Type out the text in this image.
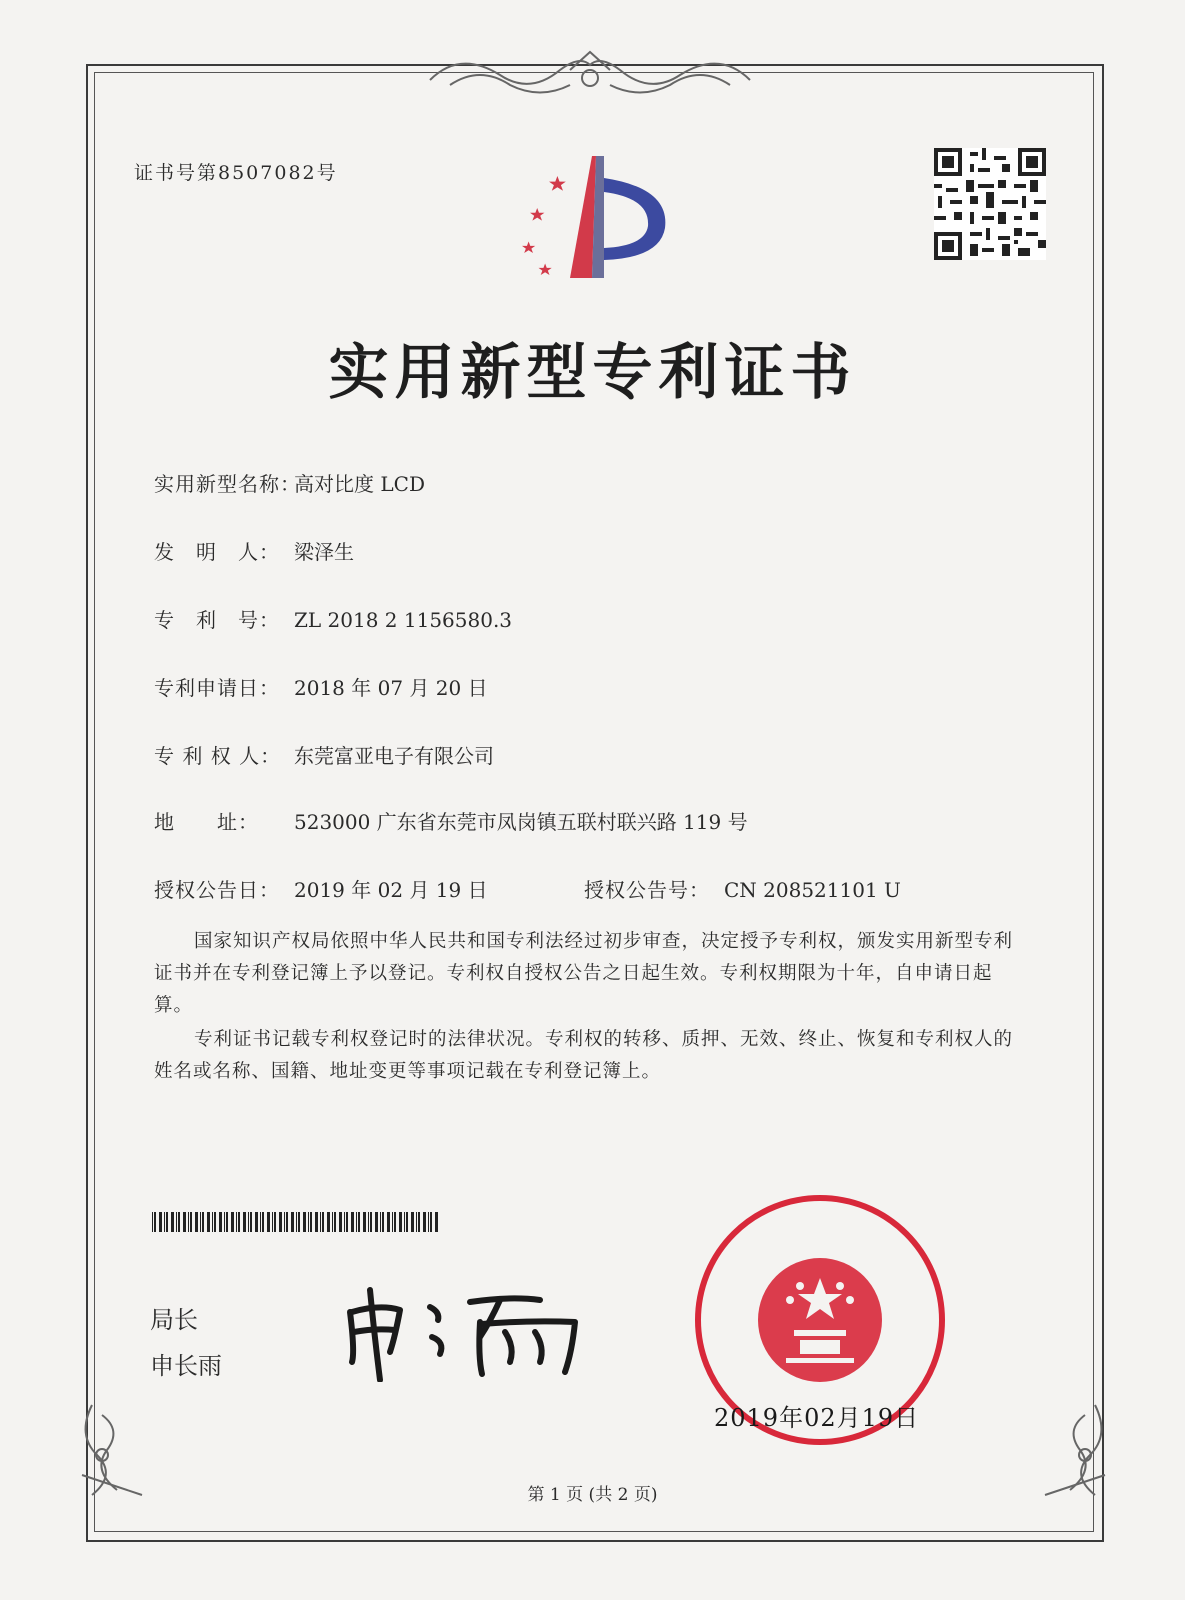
证书号第8507082号
实用新型专利证书
实用新型名称：高对比度 LCD
发　明　人： 梁泽生
专　利　号： ZL 2018 2 1156580.3
专利申请日： 2018 年 07 月 20 日
专 利 权 人： 东莞富亚电子有限公司
地　　址： 523000 广东省东莞市凤岗镇五联村联兴路 119 号
授权公告日： 2019 年 02 月 19 日	授权公告号： CN 208521101 U
国家知识产权局依照中华人民共和国专利法经过初步审查，决定授予专利权，颁发实用新型专利证书并在专利登记簿上予以登记。专利权自授权公告之日起生效。专利权期限为十年，自申请日起算。
专利证书记载专利权登记时的法律状况。专利权的转移、质押、无效、终止、恢复和专利权人的姓名或名称、国籍、地址变更等事项记载在专利登记簿上。
局长
申长雨
2019年02月19日
第 1 页 (共 2 页)
